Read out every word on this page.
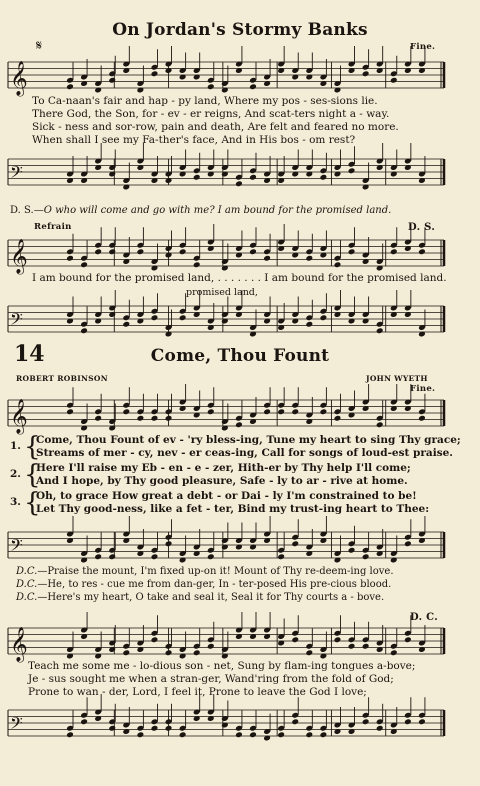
On Jordan's Stormy Banks
𝄋	Fine.
𝄞
To Ca-naan's fair and hap - py land, Where my pos - ses-sions lie.
There God, the Son, for - ev - er reigns, And scat-ters night a - way.
Sick - ness and sor-row, pain and death, Are felt and feared no more.
When shall I see my Fa-ther's face, And in His bos - om rest?
𝄢
D. S.—O who will come and go with me? I am bound for the promised land.
Refrain	D. S.
𝄞
I am bound for the promised land, . . . . . . . I am bound for the promised land.
promised land,
𝄢
14	Come, Thou Fount
ROBERT ROBINSON	JOHN WYETH
Fine.
𝄞
1. {
Come, Thou Fount of ev - 'ry bless-ing, Tune my heart to sing Thy grace;
Streams of mer - cy, nev - er ceas-ing, Call for songs of loud-est praise.
2. {
Here I'll raise my Eb - en - e - zer, Hith-er by Thy help I'll come;
And I hope, by Thy good pleasure, Safe - ly to ar - rive at home.
3. {
Oh, to grace How great a debt - or Dai - ly I'm constrained to be!
Let Thy good-ness, like a fet - ter, Bind my trust-ing heart to Thee:
𝄢
D.C.—Praise the mount, I'm fixed up-on it! Mount of Thy re-deem-ing love.
D.C.—He, to res - cue me from dan-ger, In - ter-posed His pre-cious blood.
D.C.—Here's my heart, O take and seal it, Seal it for Thy courts a - bove.
D. C.
𝄞
Teach me some me - lo-dious son - net, Sung by flam-ing tongues a-bove;
Je - sus sought me when a stran-ger, Wand'ring from the fold of God;
Prone to wan - der, Lord, I feel it, Prone to leave the God I love;
𝄢
